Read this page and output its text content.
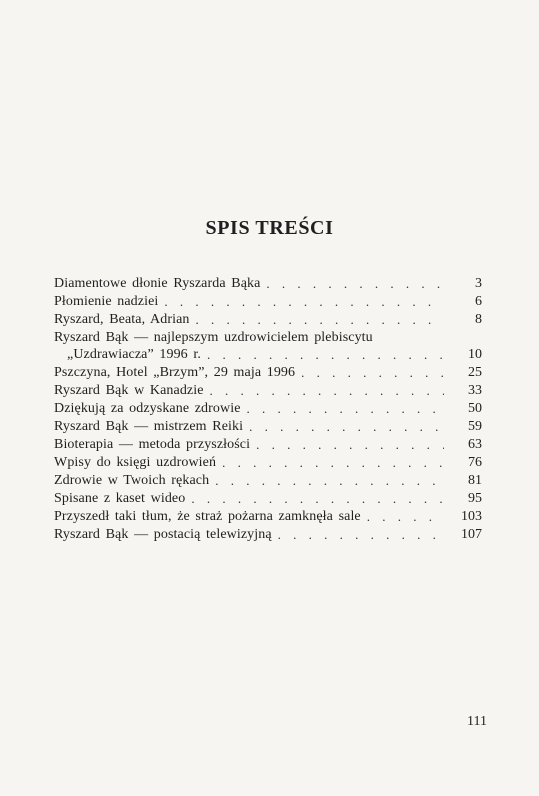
SPIS TREŚCI
Diamentowe dłonie Ryszarda Bąka . . .	3
Płomienie nadziei . . .	6
Ryszard, Beata, Adrian . . .	8
Ryszard Bąk — najlepszym uzdrowicielem plebiscytu
„Uzdrawiacza” 1996 r. . . .	10
Pszczyna, Hotel „Brzym”, 29 maja 1996 . . .	25
Ryszard Bąk w Kanadzie . . .	33
Dziękują za odzyskane zdrowie . . .	50
Ryszard Bąk — mistrzem Reiki . . .	59
Bioterapia — metoda przyszłości . . .	63
Wpisy do księgi uzdrowień . . .	76
Zdrowie w Twoich rękach . . .	81
Spisane z kaset wideo . . .	95
Przyszedł taki tłum, że straż pożarna zamknęła sale . . .	103
Ryszard Bąk — postacią telewizyjną . . .	107
111
